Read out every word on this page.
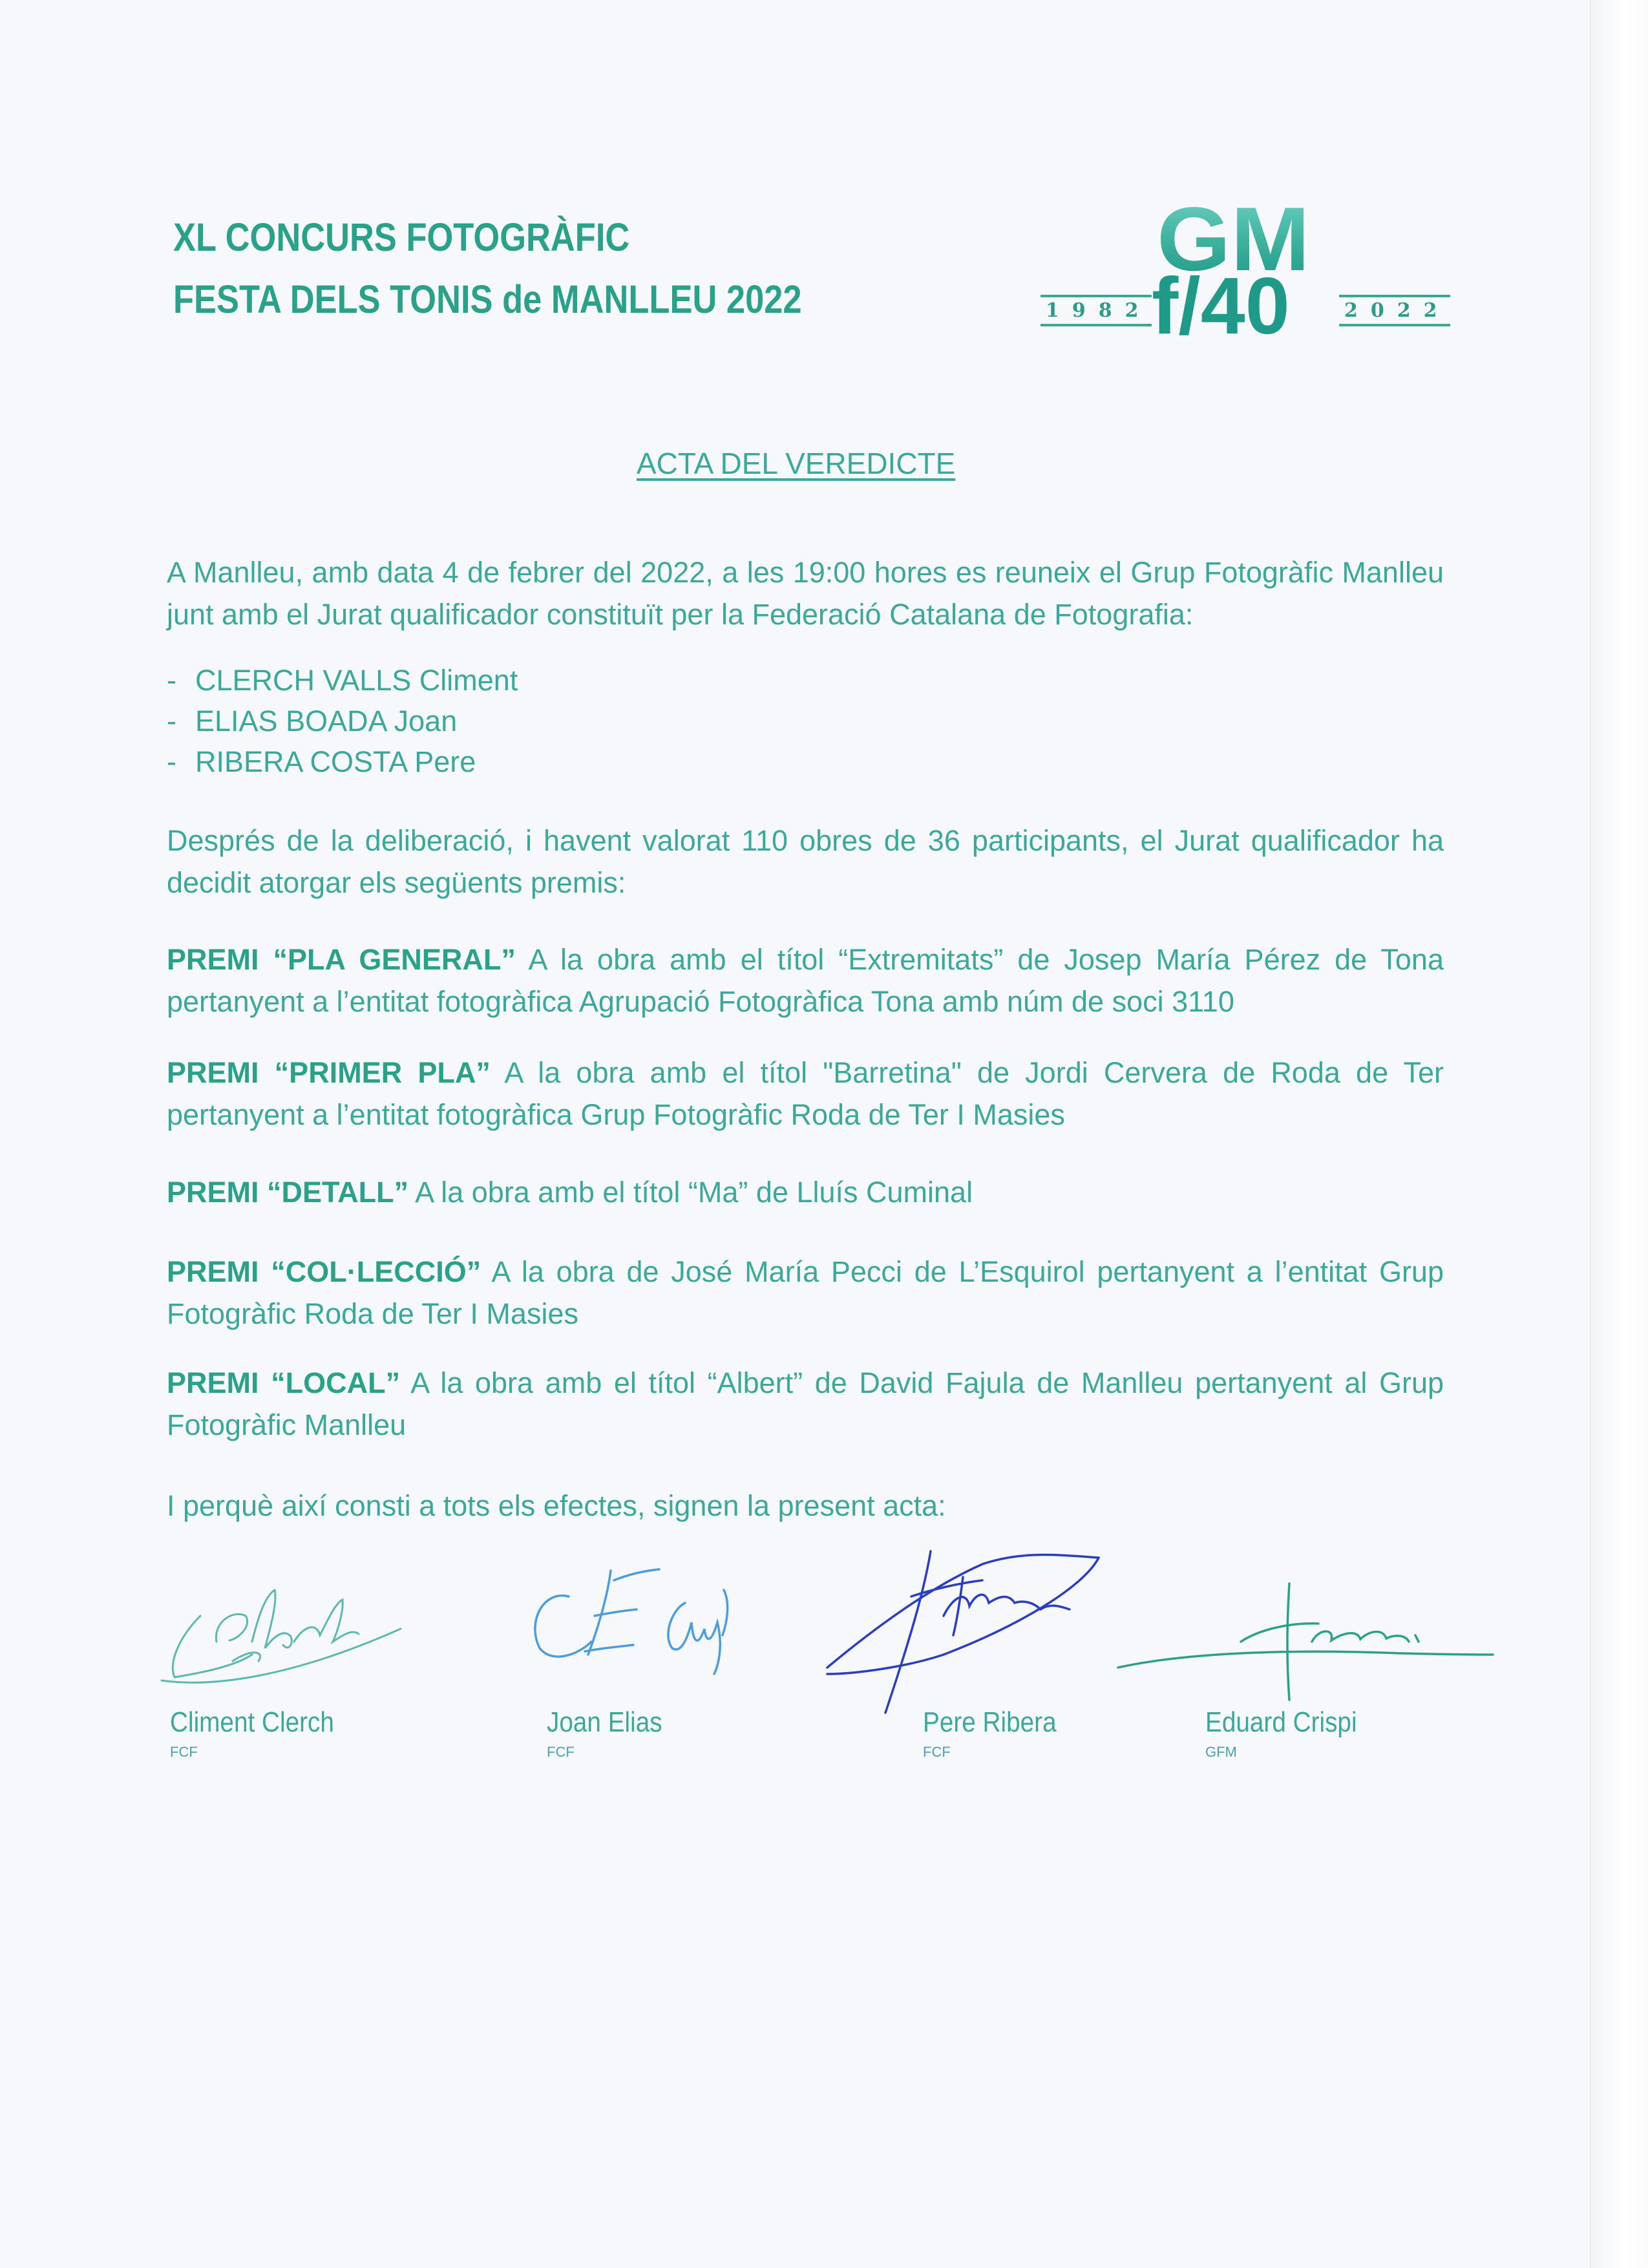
XL CONCURS FOTOGRÀFIC
FESTA DELS TONIS de MANLLEU 2022
GM
f/40
1982	2022
ACTA DEL VEREDICTE
A Manlleu, amb data 4 de febrer del 2022, a les 19:00 hores es reuneix el Grup Fotogràfic Manlleu junt amb el Jurat qualificador constituït per la Federació Catalana de Fotografia:
- CLERCH VALLS Climent
- ELIAS BOADA Joan
- RIBERA COSTA Pere
Després de la deliberació, i havent valorat 110 obres de 36 participants, el Jurat qualificador ha decidit atorgar els següents premis:
PREMI “PLA GENERAL” A la obra amb el títol “Extremitats” de Josep María Pérez de Tona pertanyent a l’entitat fotogràfica Agrupació Fotogràfica Tona amb núm de soci 3110
PREMI “PRIMER PLA” A la obra amb el títol "Barretina" de Jordi Cervera de Roda de Ter pertanyent a l’entitat fotogràfica Grup Fotogràfic Roda de Ter I Masies
PREMI “DETALL” A la obra amb el títol “Ma” de Lluís Cuminal
PREMI “COL·LECCIÓ” A la obra de José María Pecci de L’Esquirol pertanyent a l’entitat Grup Fotogràfic Roda de Ter I Masies
PREMI “LOCAL” A la obra amb el títol “Albert” de David Fajula de Manlleu pertanyent al Grup Fotogràfic Manlleu
I perquè així consti a tots els efectes, signen la present acta:
Climent Clerch
FCF
Joan Elias
FCF
Pere Ribera
FCF
Eduard Crispi
GFM
